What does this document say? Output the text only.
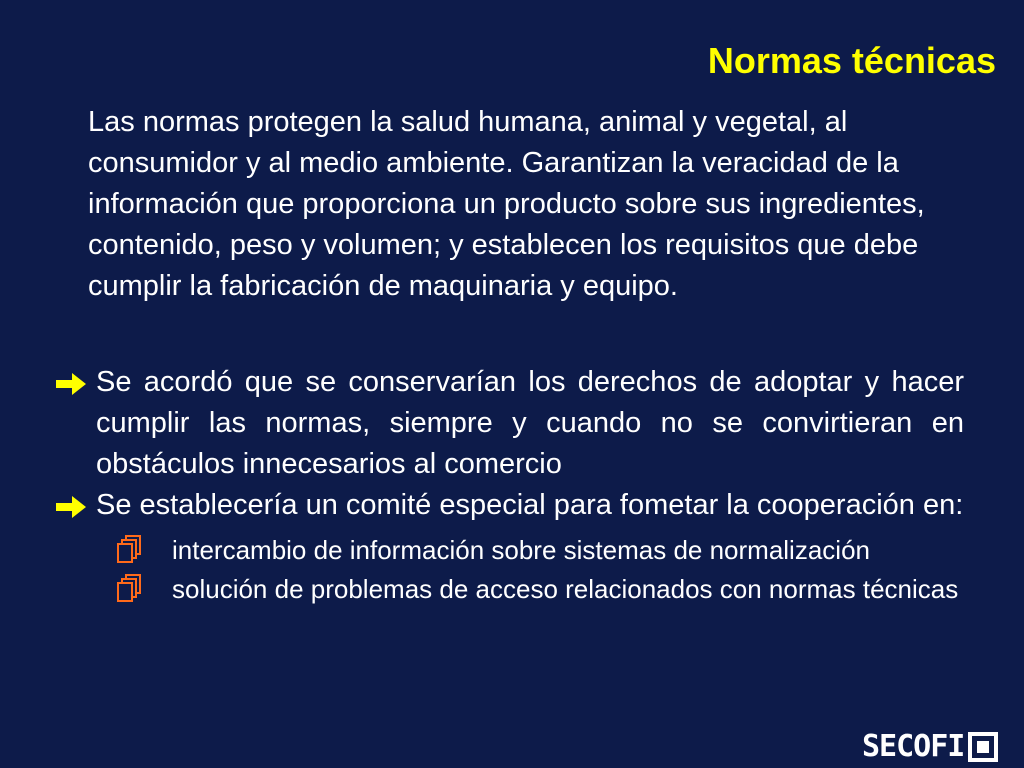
Normas técnicas
Las normas protegen la salud humana, animal y vegetal, al consumidor y al medio ambiente. Garantizan la veracidad de la información que proporciona un producto sobre sus ingredientes, contenido, peso y volumen; y establecen los requisitos que debe cumplir la fabricación de maquinaria y equipo.
Se acordó que se conservarían los derechos de adoptar y hacer cumplir las normas, siempre y cuando no se convirtieran en obstáculos innecesarios al comercio
Se establecería un comité especial para fometar la cooperación en:
intercambio de información sobre sistemas de normalización
solución de problemas de acceso relacionados con normas técnicas
SECOFI
